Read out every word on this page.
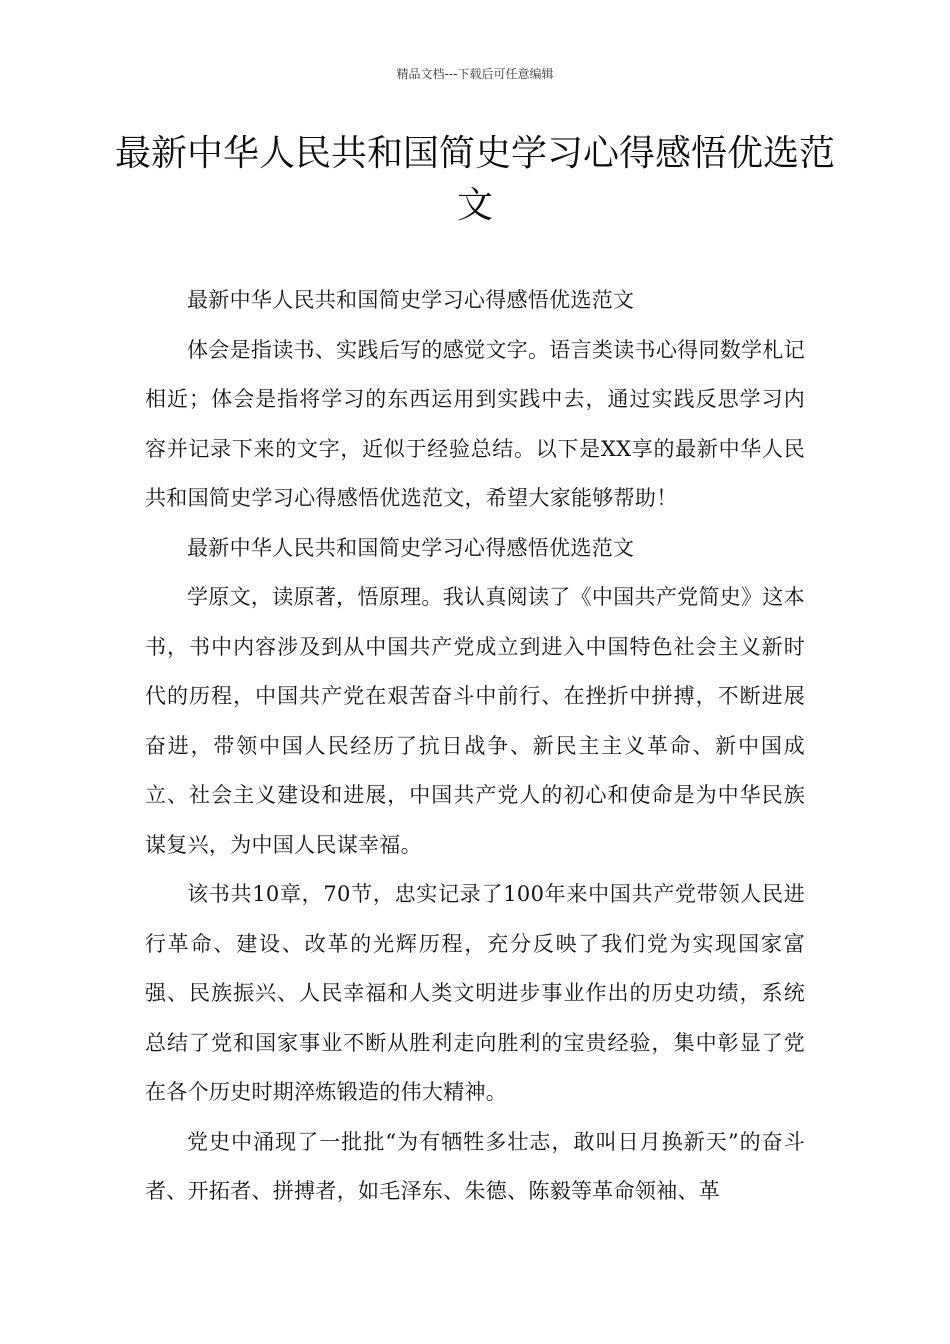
精品文档---下载后可任意编辑
最新中华人民共和国简史学习心得感悟优选范文

最新中华人民共和国简史学习心得感悟优选范文

体会是指读书、实践后写的感觉文字。语言类读书心得同数学札记相近；体会是指将学习的东西运用到实践中去，通过实践反思学习内容并记录下来的文字，近似于经验总结。以下是XX享的最新中华人民共和国简史学习心得感悟优选范文，希望大家能够帮助！

最新中华人民共和国简史学习心得感悟优选范文

学原文，读原著，悟原理。我认真阅读了《中国共产党简史》这本书，书中内容涉及到从中国共产党成立到进入中国特色社会主义新时代的历程，中国共产党在艰苦奋斗中前行、在挫折中拼搏，不断进展奋进，带领中国人民经历了抗日战争、新民主主义革命、新中国成立、社会主义建设和进展，中国共产党人的初心和使命是为中华民族谋复兴，为中国人民谋幸福。

该书共10章，70节，忠实记录了100年来中国共产党带领人民进行革命、建设、改革的光辉历程，充分反映了我们党为实现国家富强、民族振兴、人民幸福和人类文明进步事业作出的历史功绩，系统总结了党和国家事业不断从胜利走向胜利的宝贵经验，集中彰显了党在各个历史时期淬炼锻造的伟大精神。

党史中涌现了一批批“为有牺牲多壮志，敢叫日月换新天”的奋斗者、开拓者、拼搏者，如毛泽东、朱德、陈毅等革命领袖、革
